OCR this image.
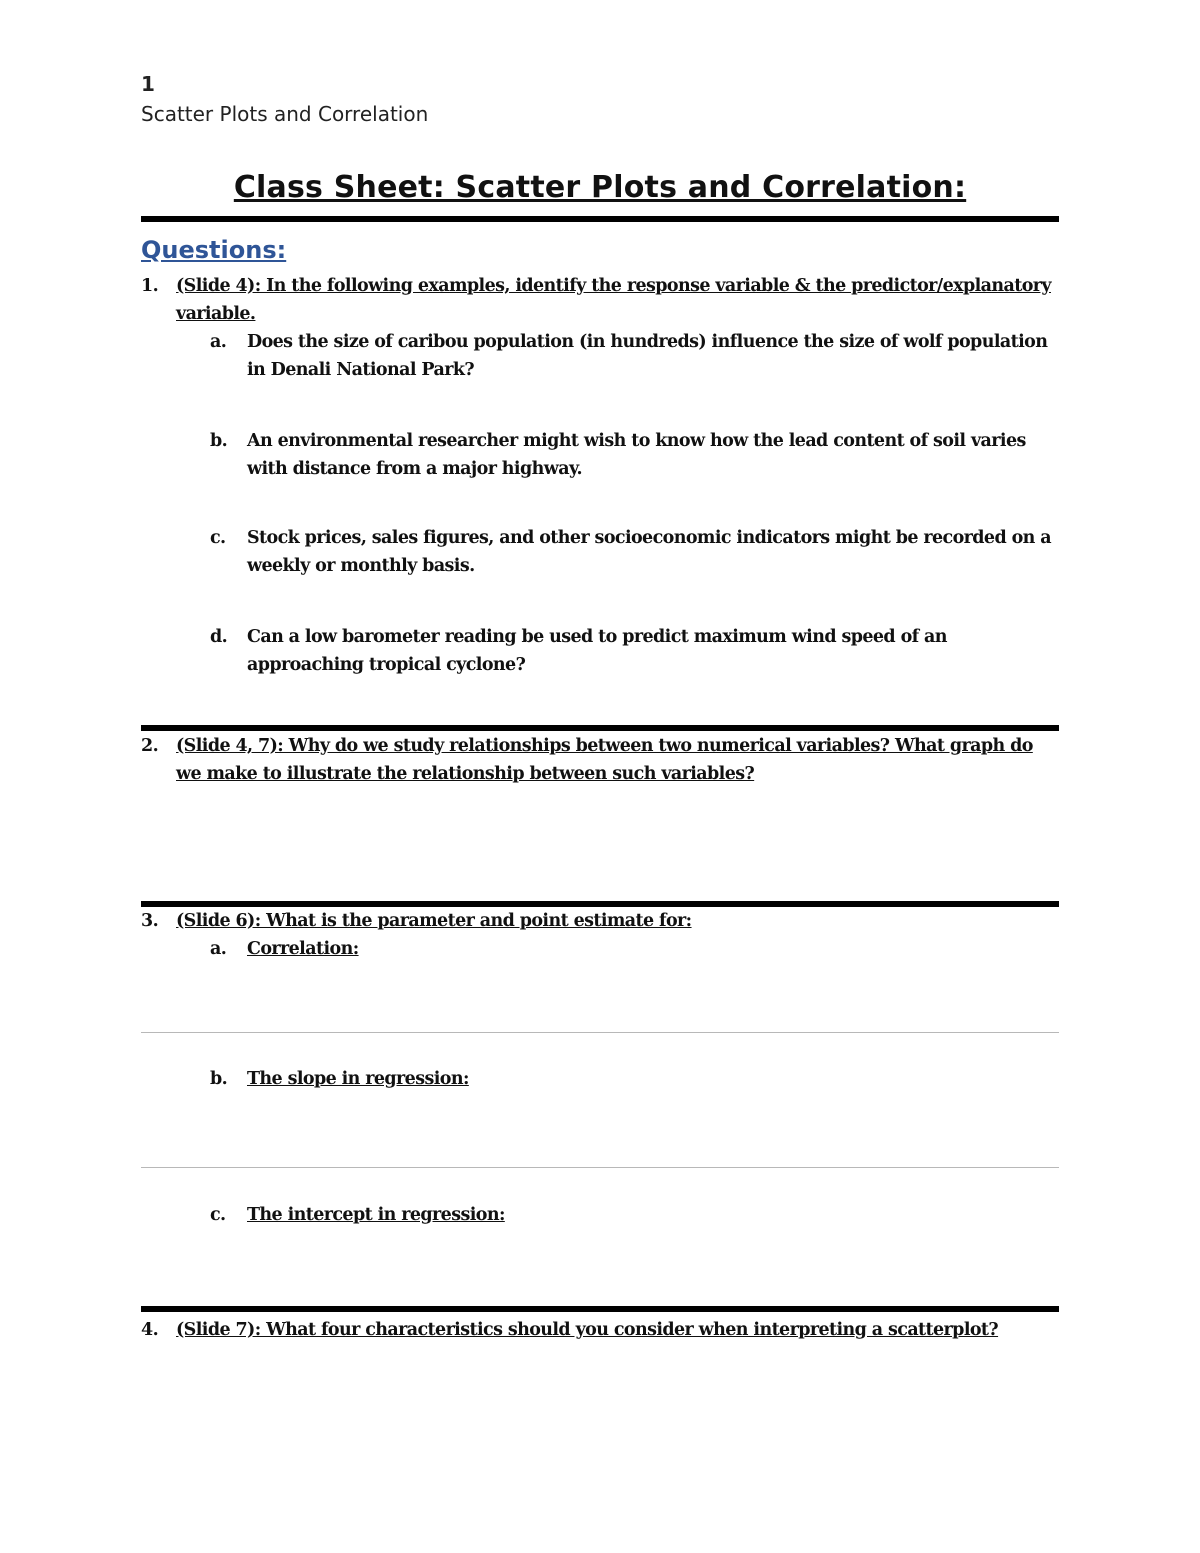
1
Scatter Plots and Correlation
Class Sheet: Scatter Plots and Correlation:
Questions:
1. (Slide 4): In the following examples, identify the response variable & the predictor/explanatory variable.
a.	Does the size of caribou population (in hundreds) influence the size of wolf population in Denali National Park?
b.	An environmental researcher might wish to know how the lead content of soil varies with distance from a major highway.
c.	Stock prices, sales figures, and other socioeconomic indicators might be recorded on a weekly or monthly basis.
d.	Can a low barometer reading be used to predict maximum wind speed of an approaching tropical cyclone?
2. (Slide 4, 7): Why do we study relationships between two numerical variables? What graph do we make to illustrate the relationship between such variables?
3. (Slide 6): What is the parameter and point estimate for:
a.	Correlation:
b.	The slope in regression:
c.	The intercept in regression:
4. (Slide 7): What four characteristics should you consider when interpreting a scatterplot?
